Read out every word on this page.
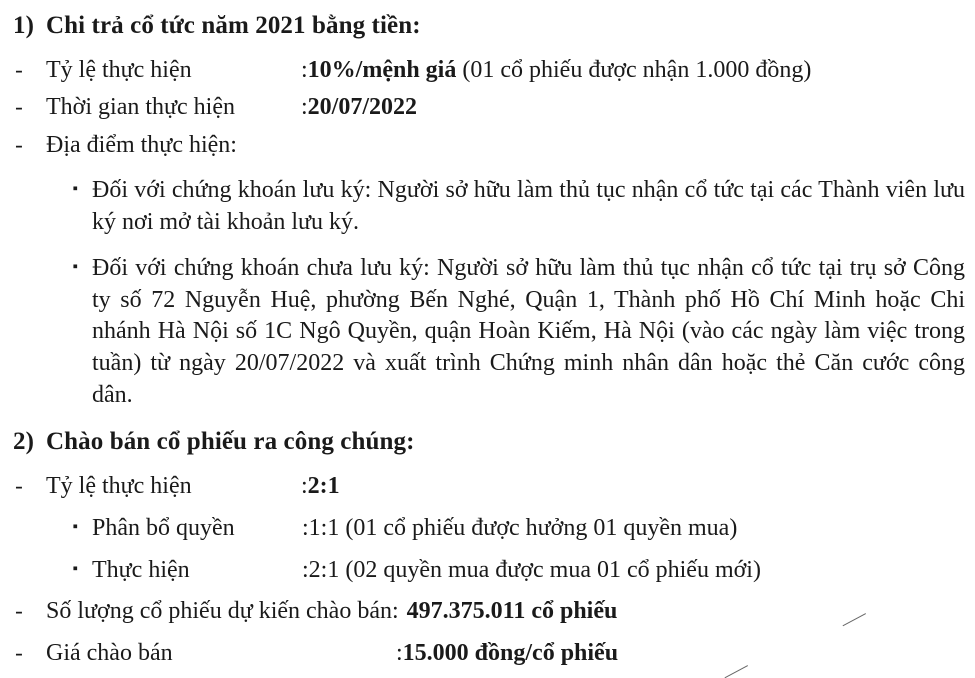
1) Chi trả cổ tức năm 2021 bằng tiền:
- Tỷ lệ thực hiện	: 10%/mệnh giá (01 cổ phiếu được nhận 1.000 đồng)
- Thời gian thực hiện	: 20/07/2022
- Địa điểm thực hiện:
▪ Đối với chứng khoán lưu ký: Người sở hữu làm thủ tục nhận cổ tức tại các Thành viên lưu ký nơi mở tài khoản lưu ký.
▪ Đối với chứng khoán chưa lưu ký: Người sở hữu làm thủ tục nhận cổ tức tại trụ sở Công ty số 72 Nguyễn Huệ, phường Bến Nghé, Quận 1, Thành phố Hồ Chí Minh hoặc Chi nhánh Hà Nội số 1C Ngô Quyền, quận Hoàn Kiếm, Hà Nội (vào các ngày làm việc trong tuần) từ ngày 20/07/2022 và xuất trình Chứng minh nhân dân hoặc thẻ Căn cước công dân.
2) Chào bán cổ phiếu ra công chúng:
- Tỷ lệ thực hiện	: 2:1
▪ Phân bổ quyền	: 1:1 (01 cổ phiếu được hưởng 01 quyền mua)
▪ Thực hiện	: 2:1 (02 quyền mua được mua 01 cổ phiếu mới)
- Số lượng cổ phiếu dự kiến chào bán: 497.375.011 cổ phiếu
- Giá chào bán	: 15.000 đồng/cổ phiếu
